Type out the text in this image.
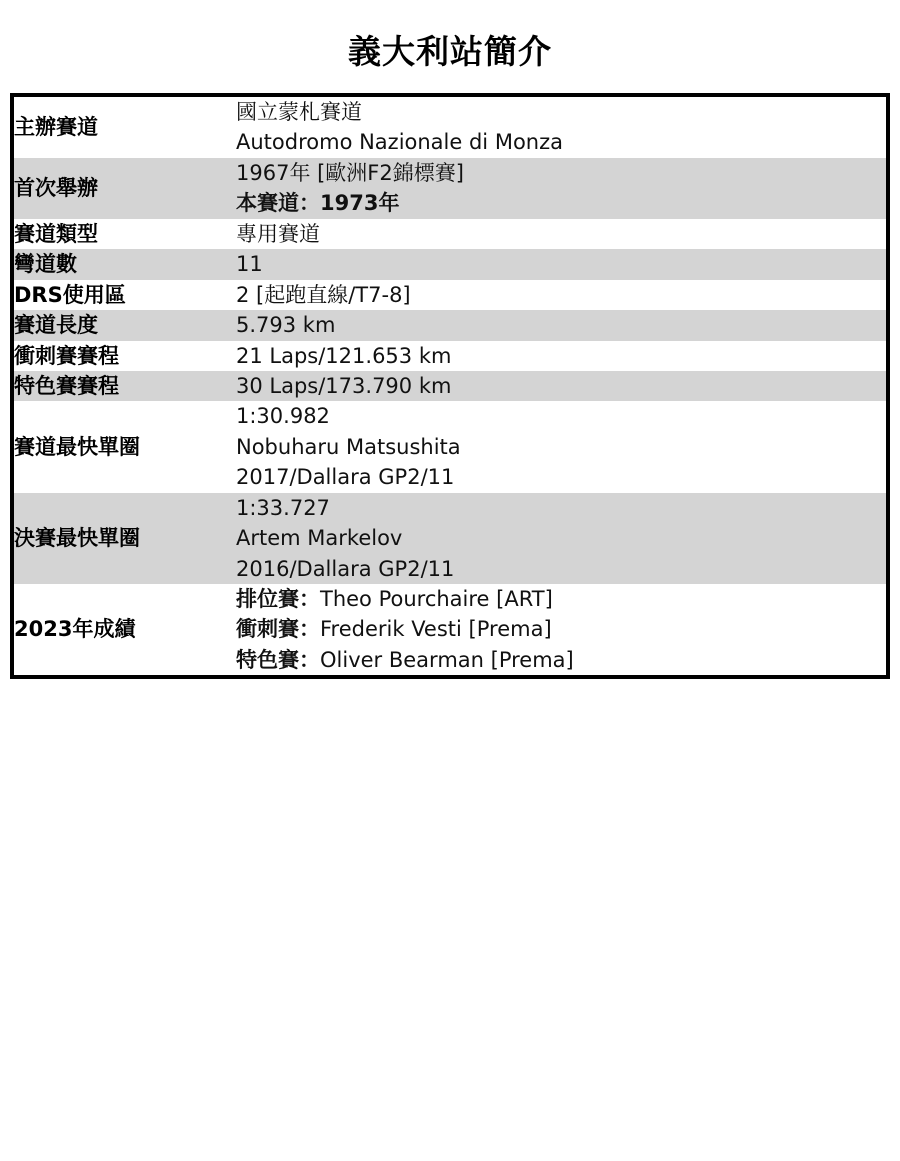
義大利站簡介
主辦賽道	國立蒙札賽道
Autodromo Nazionale di Monza

首次舉辦	1967年 [歐洲F2錦標賽]
本賽道：1973年

賽道類型	專用賽道

彎道數	11

DRS使用區	2 [起跑直線/T7-8]

賽道長度	5.793 km

衝刺賽賽程	21 Laps/121.653 km

特色賽賽程	30 Laps/173.790 km

賽道最快單圈	1:30.982
Nobuharu Matsushita
2017/Dallara GP2/11

決賽最快單圈	1:33.727
Artem Markelov
2016/Dallara GP2/11

2023年成績	排位賽：Theo Pourchaire [ART]
衝刺賽：Frederik Vesti [Prema]
特色賽：Oliver Bearman [Prema]
